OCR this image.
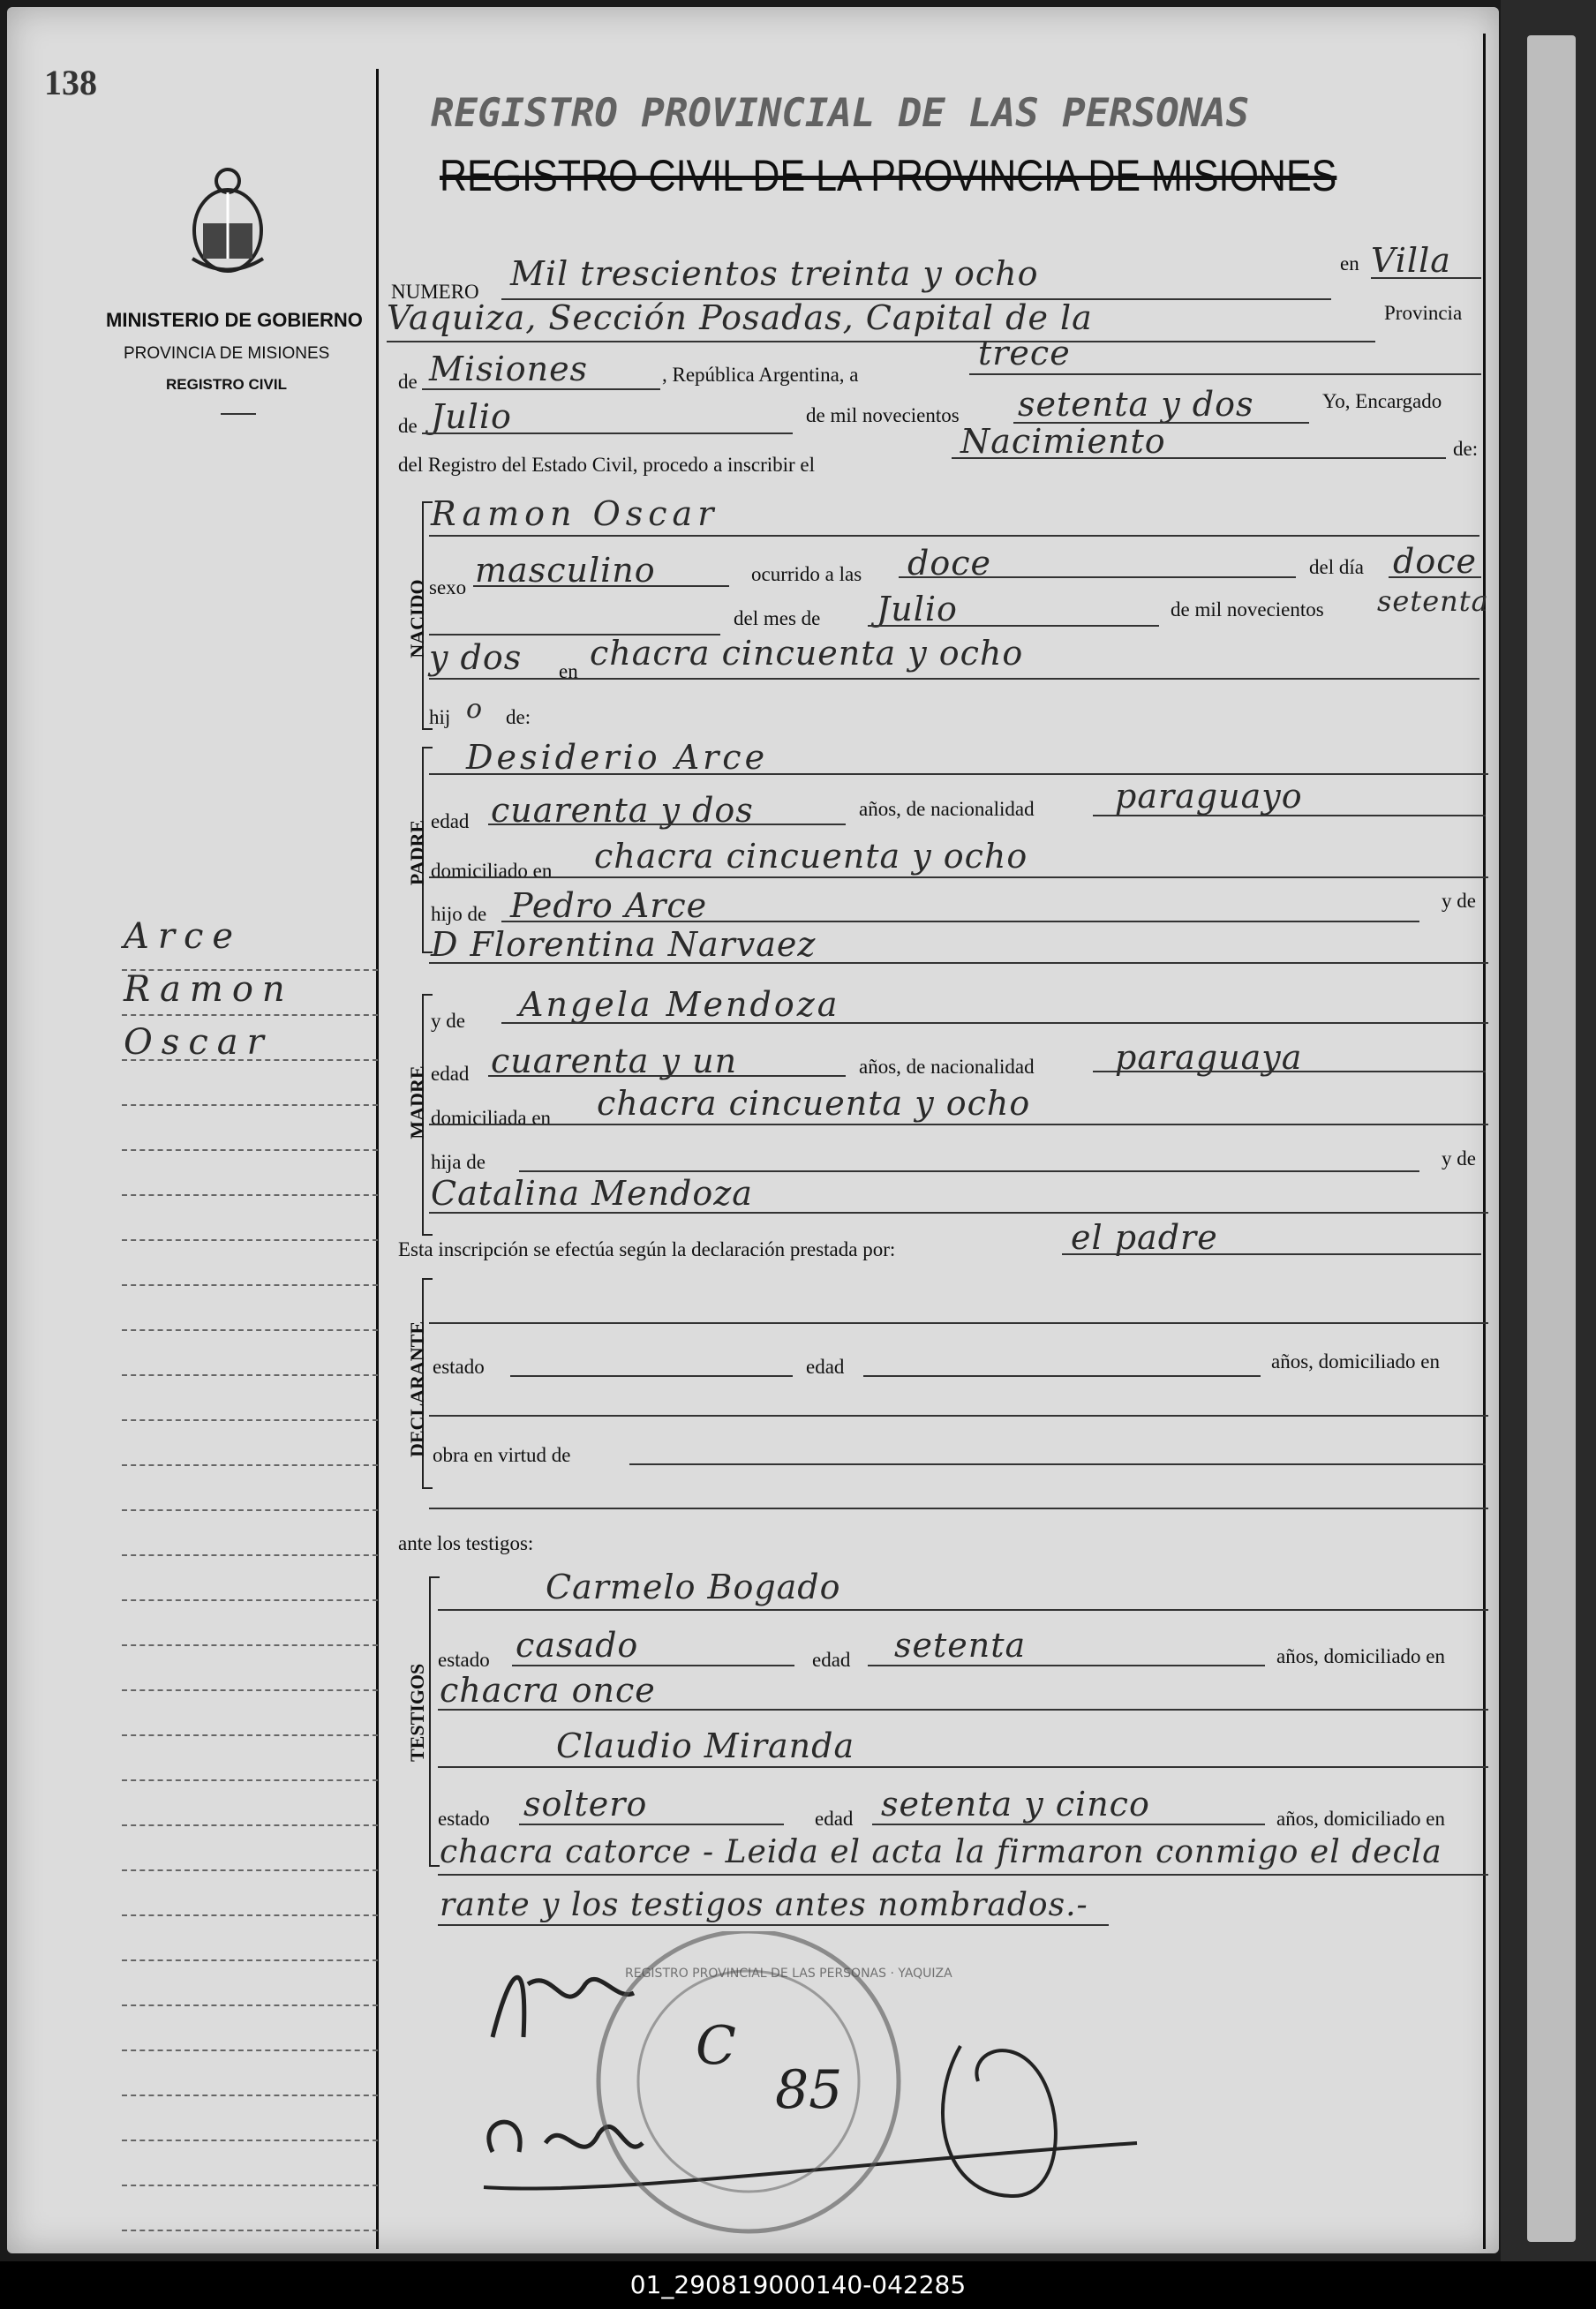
138
MINISTERIO DE GOBIERNO
PROVINCIA DE MISIONES
REGISTRO CIVIL
Arce
Ramon
Oscar
REGISTRO PROVINCIAL DE LAS PERSONAS
REGISTRO CIVIL DE LA PROVINCIA DE MISIONES
NUMERO Mil trescientos treinta y ocho	en Villa
Vaquiza, Sección Posadas, Capital de la	Provincia
de Misiones	, República Argentina, a
trece
de Julio	de mil novecientos setenta y dos	Yo, Encargado
del Registro del Estado Civil, procedo a inscribir el
Nacimiento	de:
NACIDO
Ramon Oscar
sexo masculino	ocurrido a las doce	del día doce
del mes de Julio	de mil novecientos setenta
y dos en chacra cincuenta y ocho
hij o de:
PADRE
Desiderio Arce
edad cuarenta y dos	años, de nacionalidad paraguayo
domiciliado en chacra cincuenta y ocho
hijo de Pedro Arce	y de
D Florentina Narvaez
MADRE
y de Angela Mendoza
edad cuarenta y un	años, de nacionalidad paraguaya
domiciliada en chacra cincuenta y ocho
hija de	y de
Catalina Mendoza
Esta inscripción se efectúa según la declaración prestada por:	el padre
DECLARANTE estado	edad	años, domiciliado en
obra en virtud de
ante los testigos:
TESTIGOS
Carmelo Bogado
estado casado	edad setenta	años, domiciliado en
chacra once
Claudio Miranda
estado soltero	edad setenta y cinco	años, domiciliado en
chacra catorce - Leida el acta la firmaron conmigo el decla
rante y los testigos antes nombrados.-
C
85
REGISTRO PROVINCIAL DE LAS PERSONAS · YAQUIZA
01_290819000140-042285
